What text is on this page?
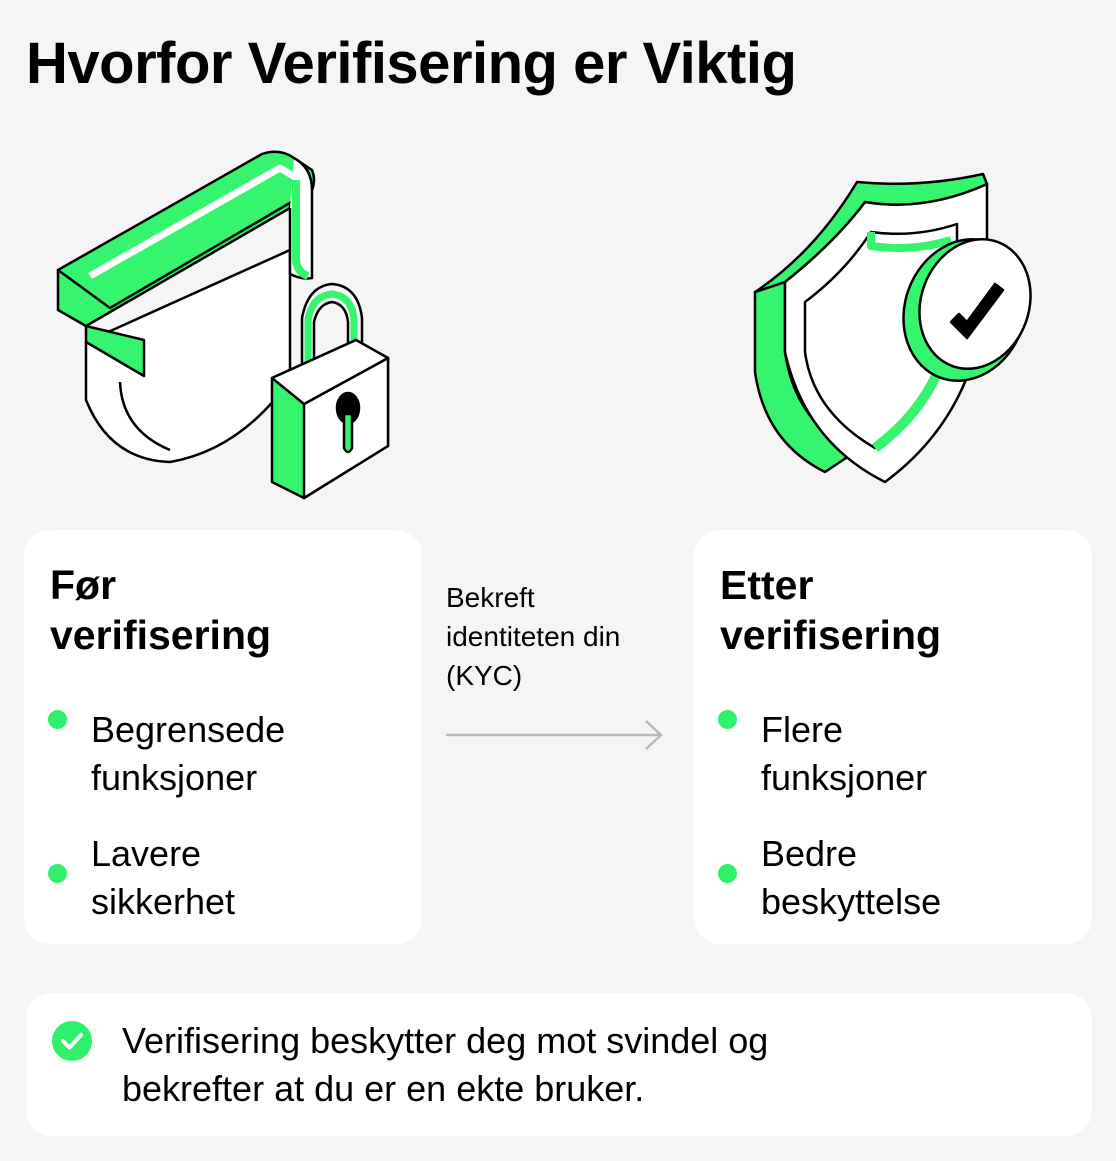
Hvorfor Verifisering er Viktig
Før
verifisering
Begrensede
funksjoner
Lavere
sikkerhet
Bekreft
identiteten din
(KYC)
Etter
verifisering
Flere
funksjoner
Bedre
beskyttelse
Verifisering beskytter deg mot svindel og
bekrefter at du er en ekte bruker.
